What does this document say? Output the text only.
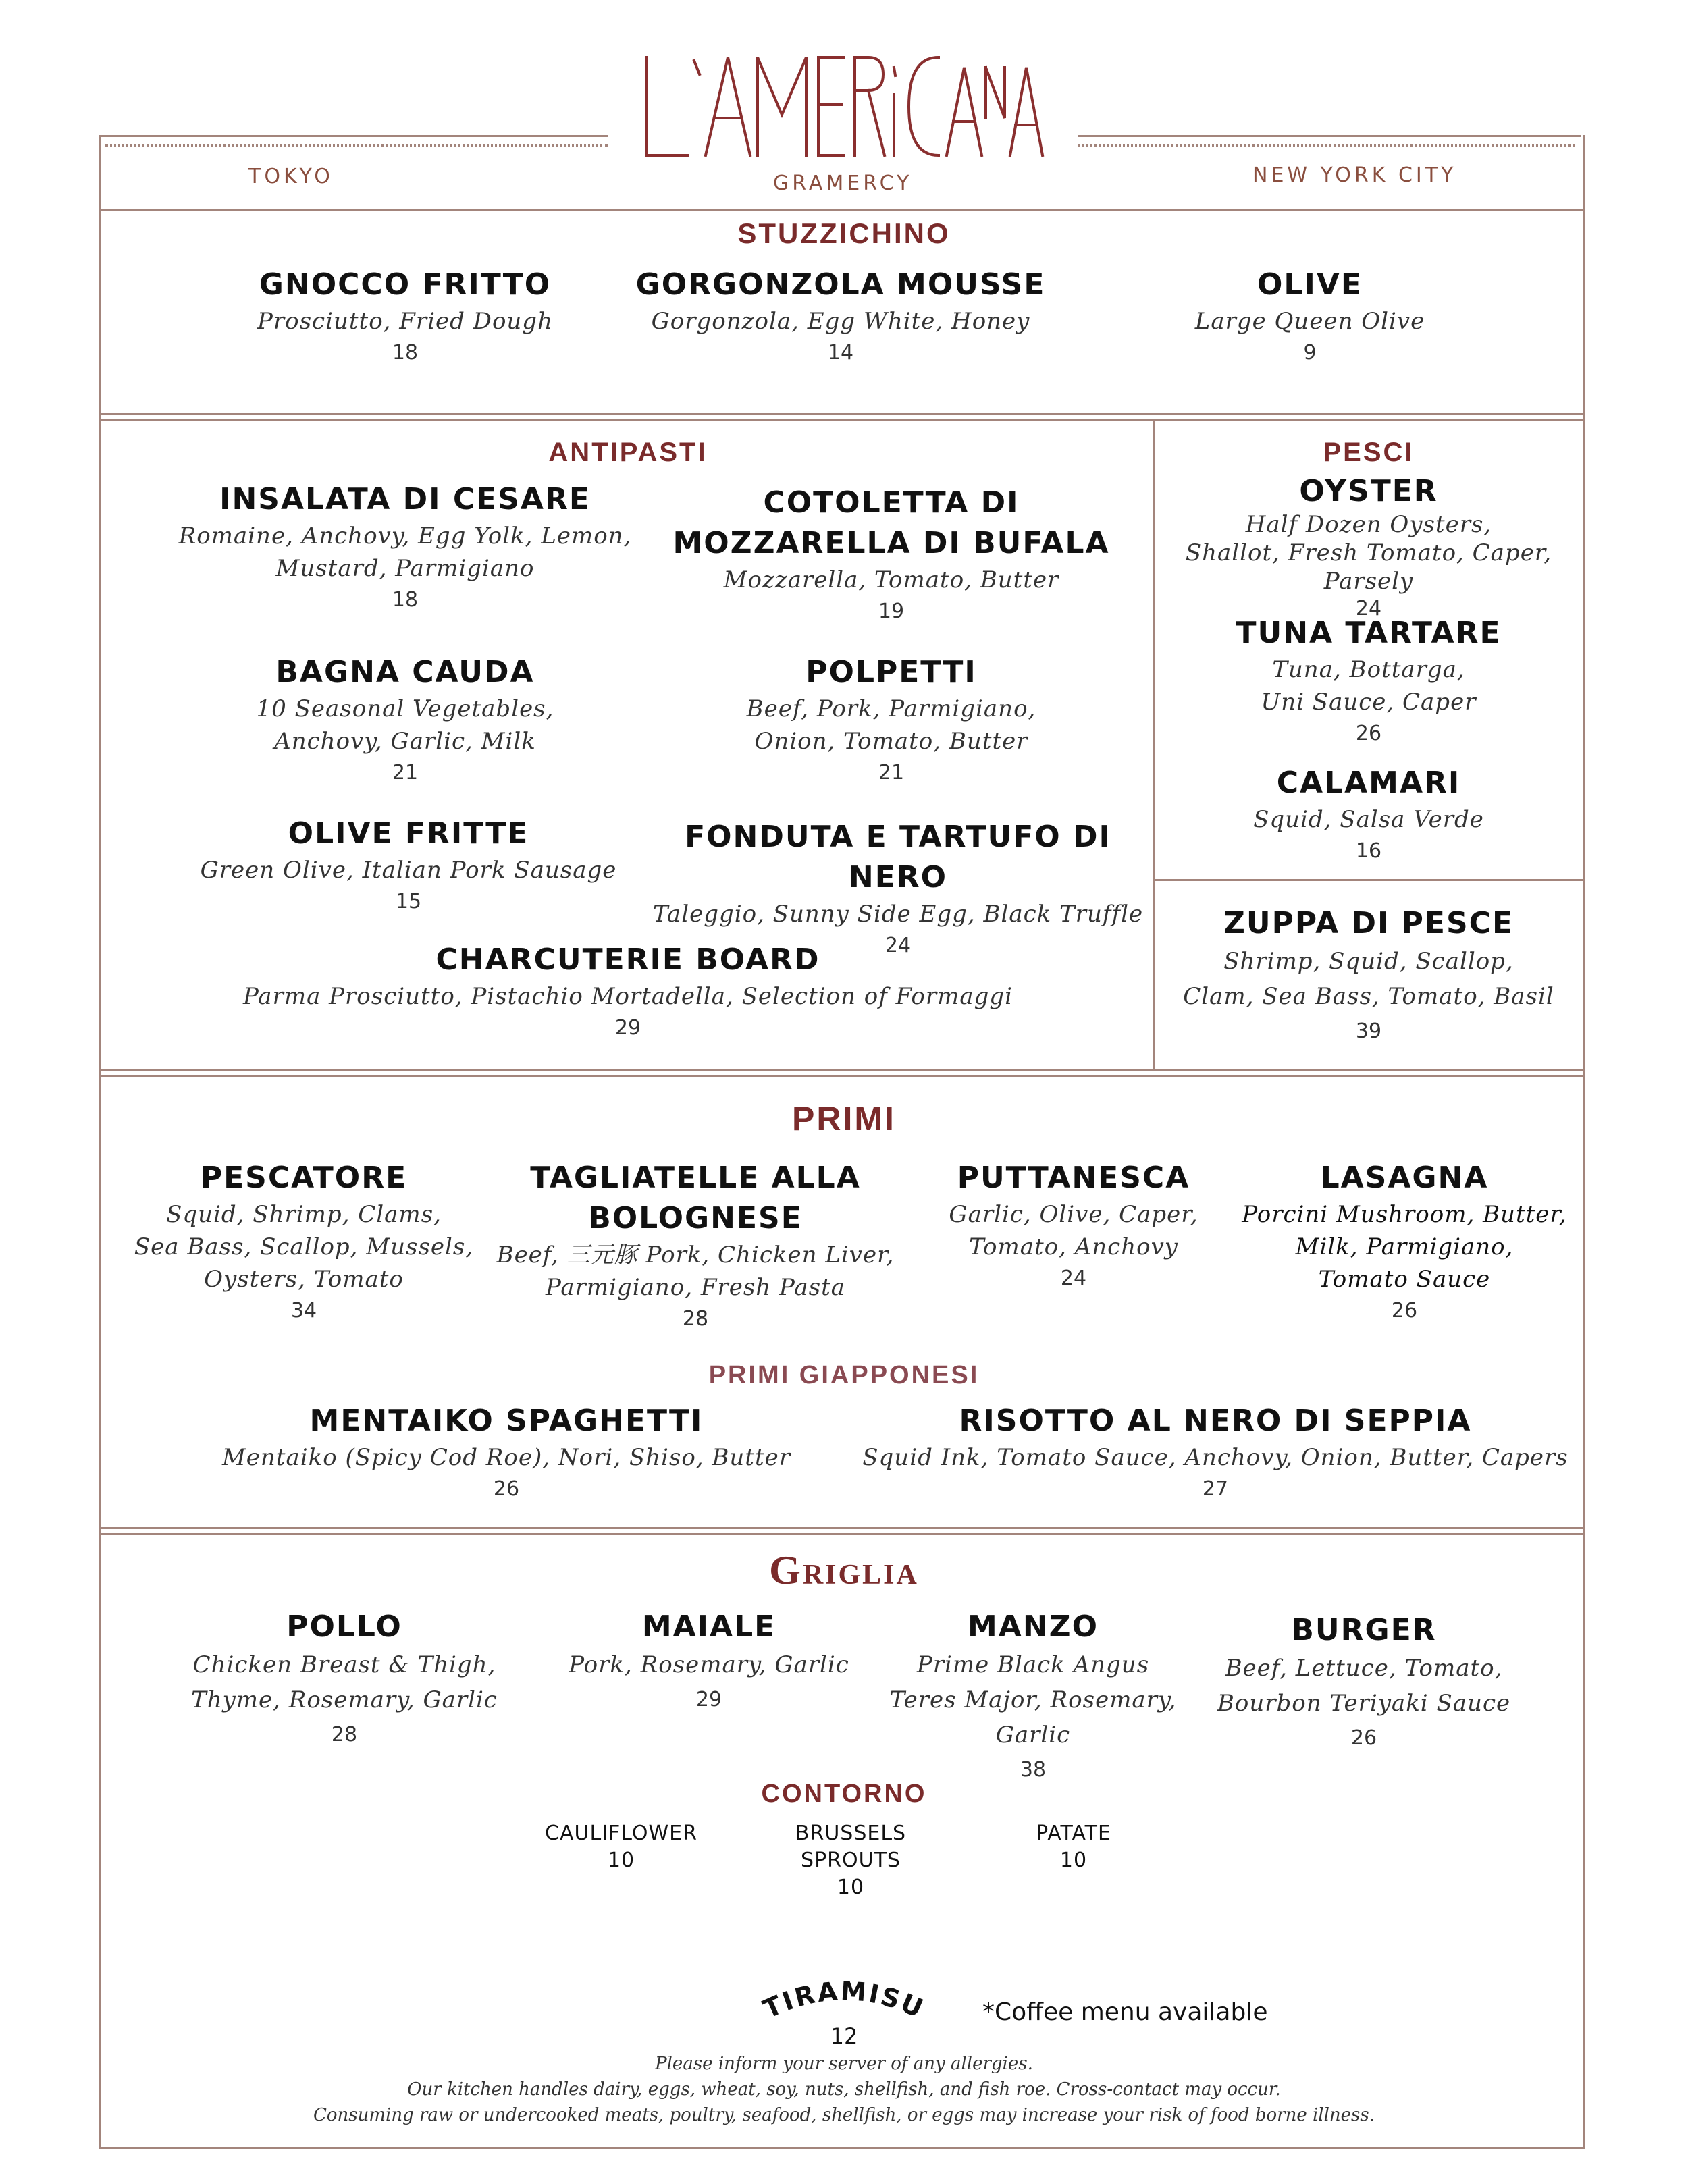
L'AMERICANA
TOKYO	GRAMERCY	NEW YORK CITY
STUZZICHINO
GNOCCO FRITTO
Prosciutto, Fried Dough
18
GORGONZOLA MOUSSE
Gorgonzola, Egg White, Honey
14
OLIVE
Large Queen Olive
9
ANTIPASTI
INSALATA DI CESARE
Romaine, Anchovy, Egg Yolk, Lemon,
Mustard, Parmigiano
18
COTOLETTA DI
MOZZARELLA DI BUFALA
Mozzarella, Tomato, Butter
19
BAGNA CAUDA
10 Seasonal Vegetables,
Anchovy, Garlic, Milk
21
POLPETTI
Beef, Pork, Parmigiano,
Onion, Tomato, Butter
21
OLIVE FRITTE
Green Olive, Italian Pork Sausage
15
FONDUTA E TARTUFO DI NERO
Taleggio, Sunny Side Egg, Black Truffle
24
CHARCUTERIE BOARD
Parma Prosciutto, Pistachio Mortadella, Selection of Formaggi
29
PESCI
OYSTER
Half Dozen Oysters,
Shallot, Fresh Tomato, Caper, Parsely
24
TUNA TARTARE
Tuna, Bottarga,
Uni Sauce, Caper
26
CALAMARI
Squid, Salsa Verde
16
ZUPPA DI PESCE
Shrimp, Squid, Scallop,
Clam, Sea Bass, Tomato, Basil
39
PRIMI
PESCATORE
Squid, Shrimp, Clams,
Sea Bass, Scallop, Mussels,
Oysters, Tomato
34
TAGLIATELLE ALLA
BOLOGNESE
Beef, 三元豚 Pork, Chicken Liver,
Parmigiano, Fresh Pasta
28
PUTTANESCA
Garlic, Olive, Caper,
Tomato, Anchovy
24
LASAGNA
Porcini Mushroom, Butter,
Milk, Parmigiano,
Tomato Sauce
26
PRIMI GIAPPONESI
MENTAIKO SPAGHETTI
Mentaiko (Spicy Cod Roe), Nori, Shiso, Butter
26
RISOTTO AL NERO DI SEPPIA
Squid Ink, Tomato Sauce, Anchovy, Onion, Butter, Capers
27
GRIGLIA
POLLO
Chicken Breast & Thigh,
Thyme, Rosemary, Garlic
28
MAIALE
Pork, Rosemary, Garlic
29
MANZO
Prime Black Angus
Teres Major, Rosemary, Garlic
38
BURGER
Beef, Lettuce, Tomato,
Bourbon Teriyaki Sauce
26
CONTORNO
CAULIFLOWER
10
BRUSSELS
SPROUTS
10
PATATE
10
TIRAMISU
12
*Coffee menu available
Please inform your server of any allergies.
Our kitchen handles dairy, eggs, wheat, soy, nuts, shellfish, and fish roe. Cross-contact may occur.
Consuming raw or undercooked meats, poultry, seafood, shellfish, or eggs may increase your risk of food borne illness.
